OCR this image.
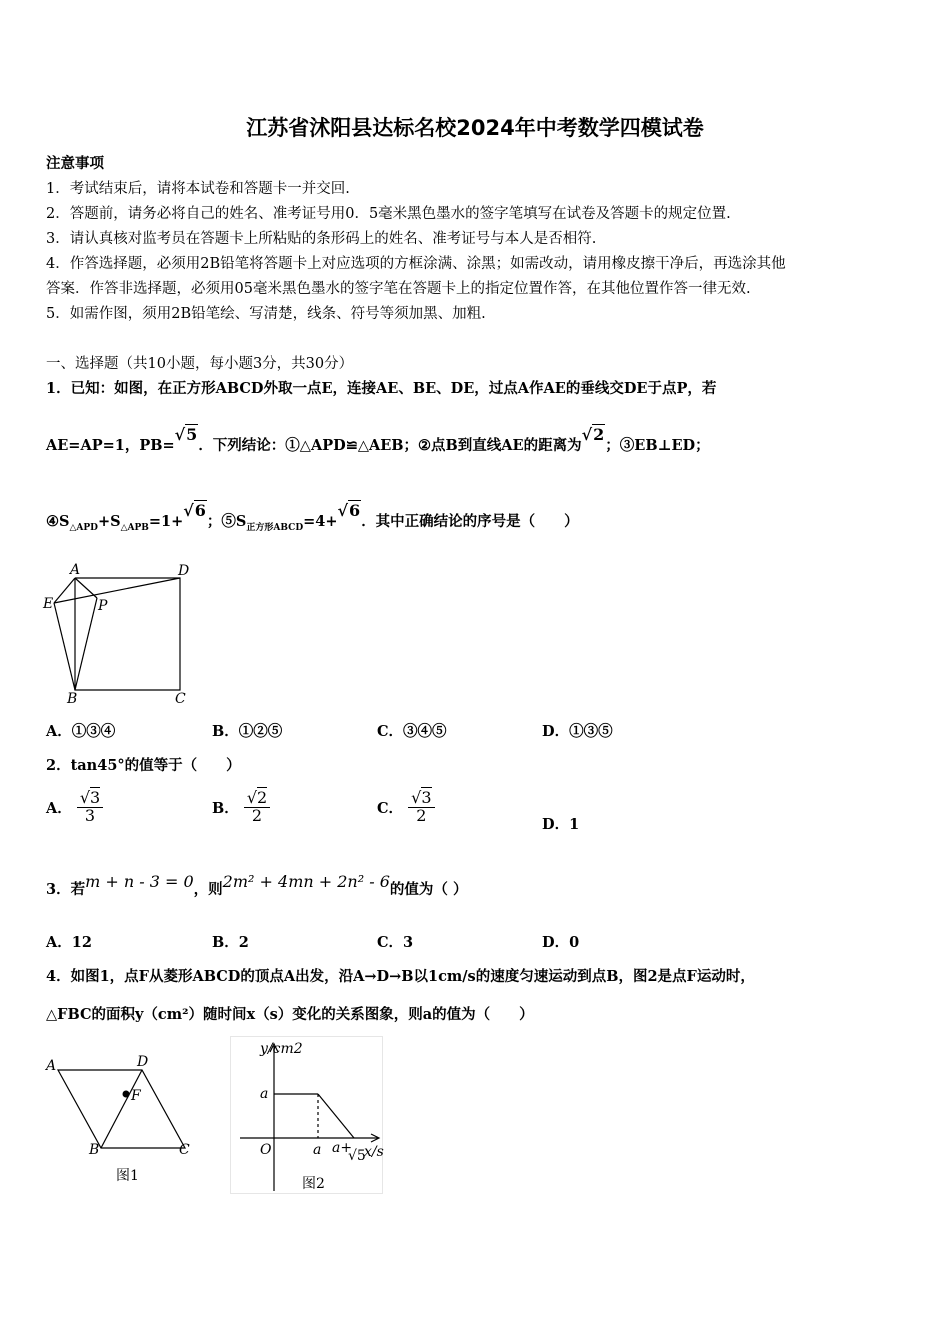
江苏省沭阳县达标名校2024年中考数学四模试卷
注意事项
1．考试结束后，请将本试卷和答题卡一并交回.
2．答题前，请务必将自己的姓名、准考证号用0．5毫米黑色墨水的签字笔填写在试卷及答题卡的规定位置.
3．请认真核对监考员在答题卡上所粘贴的条形码上的姓名、准考证号与本人是否相符.
4．作答选择题，必须用2B铅笔将答题卡上对应选项的方框涂满、涂黑；如需改动，请用橡皮擦干净后，再选涂其他
答案．作答非选择题，必须用05毫米黑色墨水的签字笔在答题卡上的指定位置作答，在其他位置作答一律无效.
5．如需作图，须用2B铅笔绘、写清楚，线条、符号等须加黑、加粗.
一、选择题（共10小题，每小题3分，共30分）
1．已知：如图，在正方形ABCD外取一点E，连接AE、BE、DE，过点A作AE的垂线交DE于点P，若
AE=AP=1，PB=√5．下列结论：①△APD≌△AEB；②点B到直线AE的距离为√2；③EB⊥ED；
$④S_{\triangle APD}+S_{\triangle APB}=1+√6$；$⑤S_{正方形ABCD}=4+√6$．其中正确结论的序号是（　　）
A	D
E	P
B	C
A．①③④	B．①②⑤	C．③④⑤	D．①③⑤
2．tan45°的值等于（　　）
A． $\frac{√3}{3}$	B． $\frac{√2}{2}$	C． $\frac{√3}{2}$	D．1
3．若m + n - 3 = 0，则2m² + 4mn + 2n² - 6的值为（ ）
A．12	B．2	C．3	D．0
4．如图1，点F从菱形ABCD的顶点A出发，沿A→D→B以1cm/s的速度匀速运动到点B，图2是点F运动时，
△FBC的面积y（cm²）随时间x（s）变化的关系图象，则a的值为（　　）
A	D
F
B	C
图1
y/cm2
a
O	a a+
√5
x/s
图2
